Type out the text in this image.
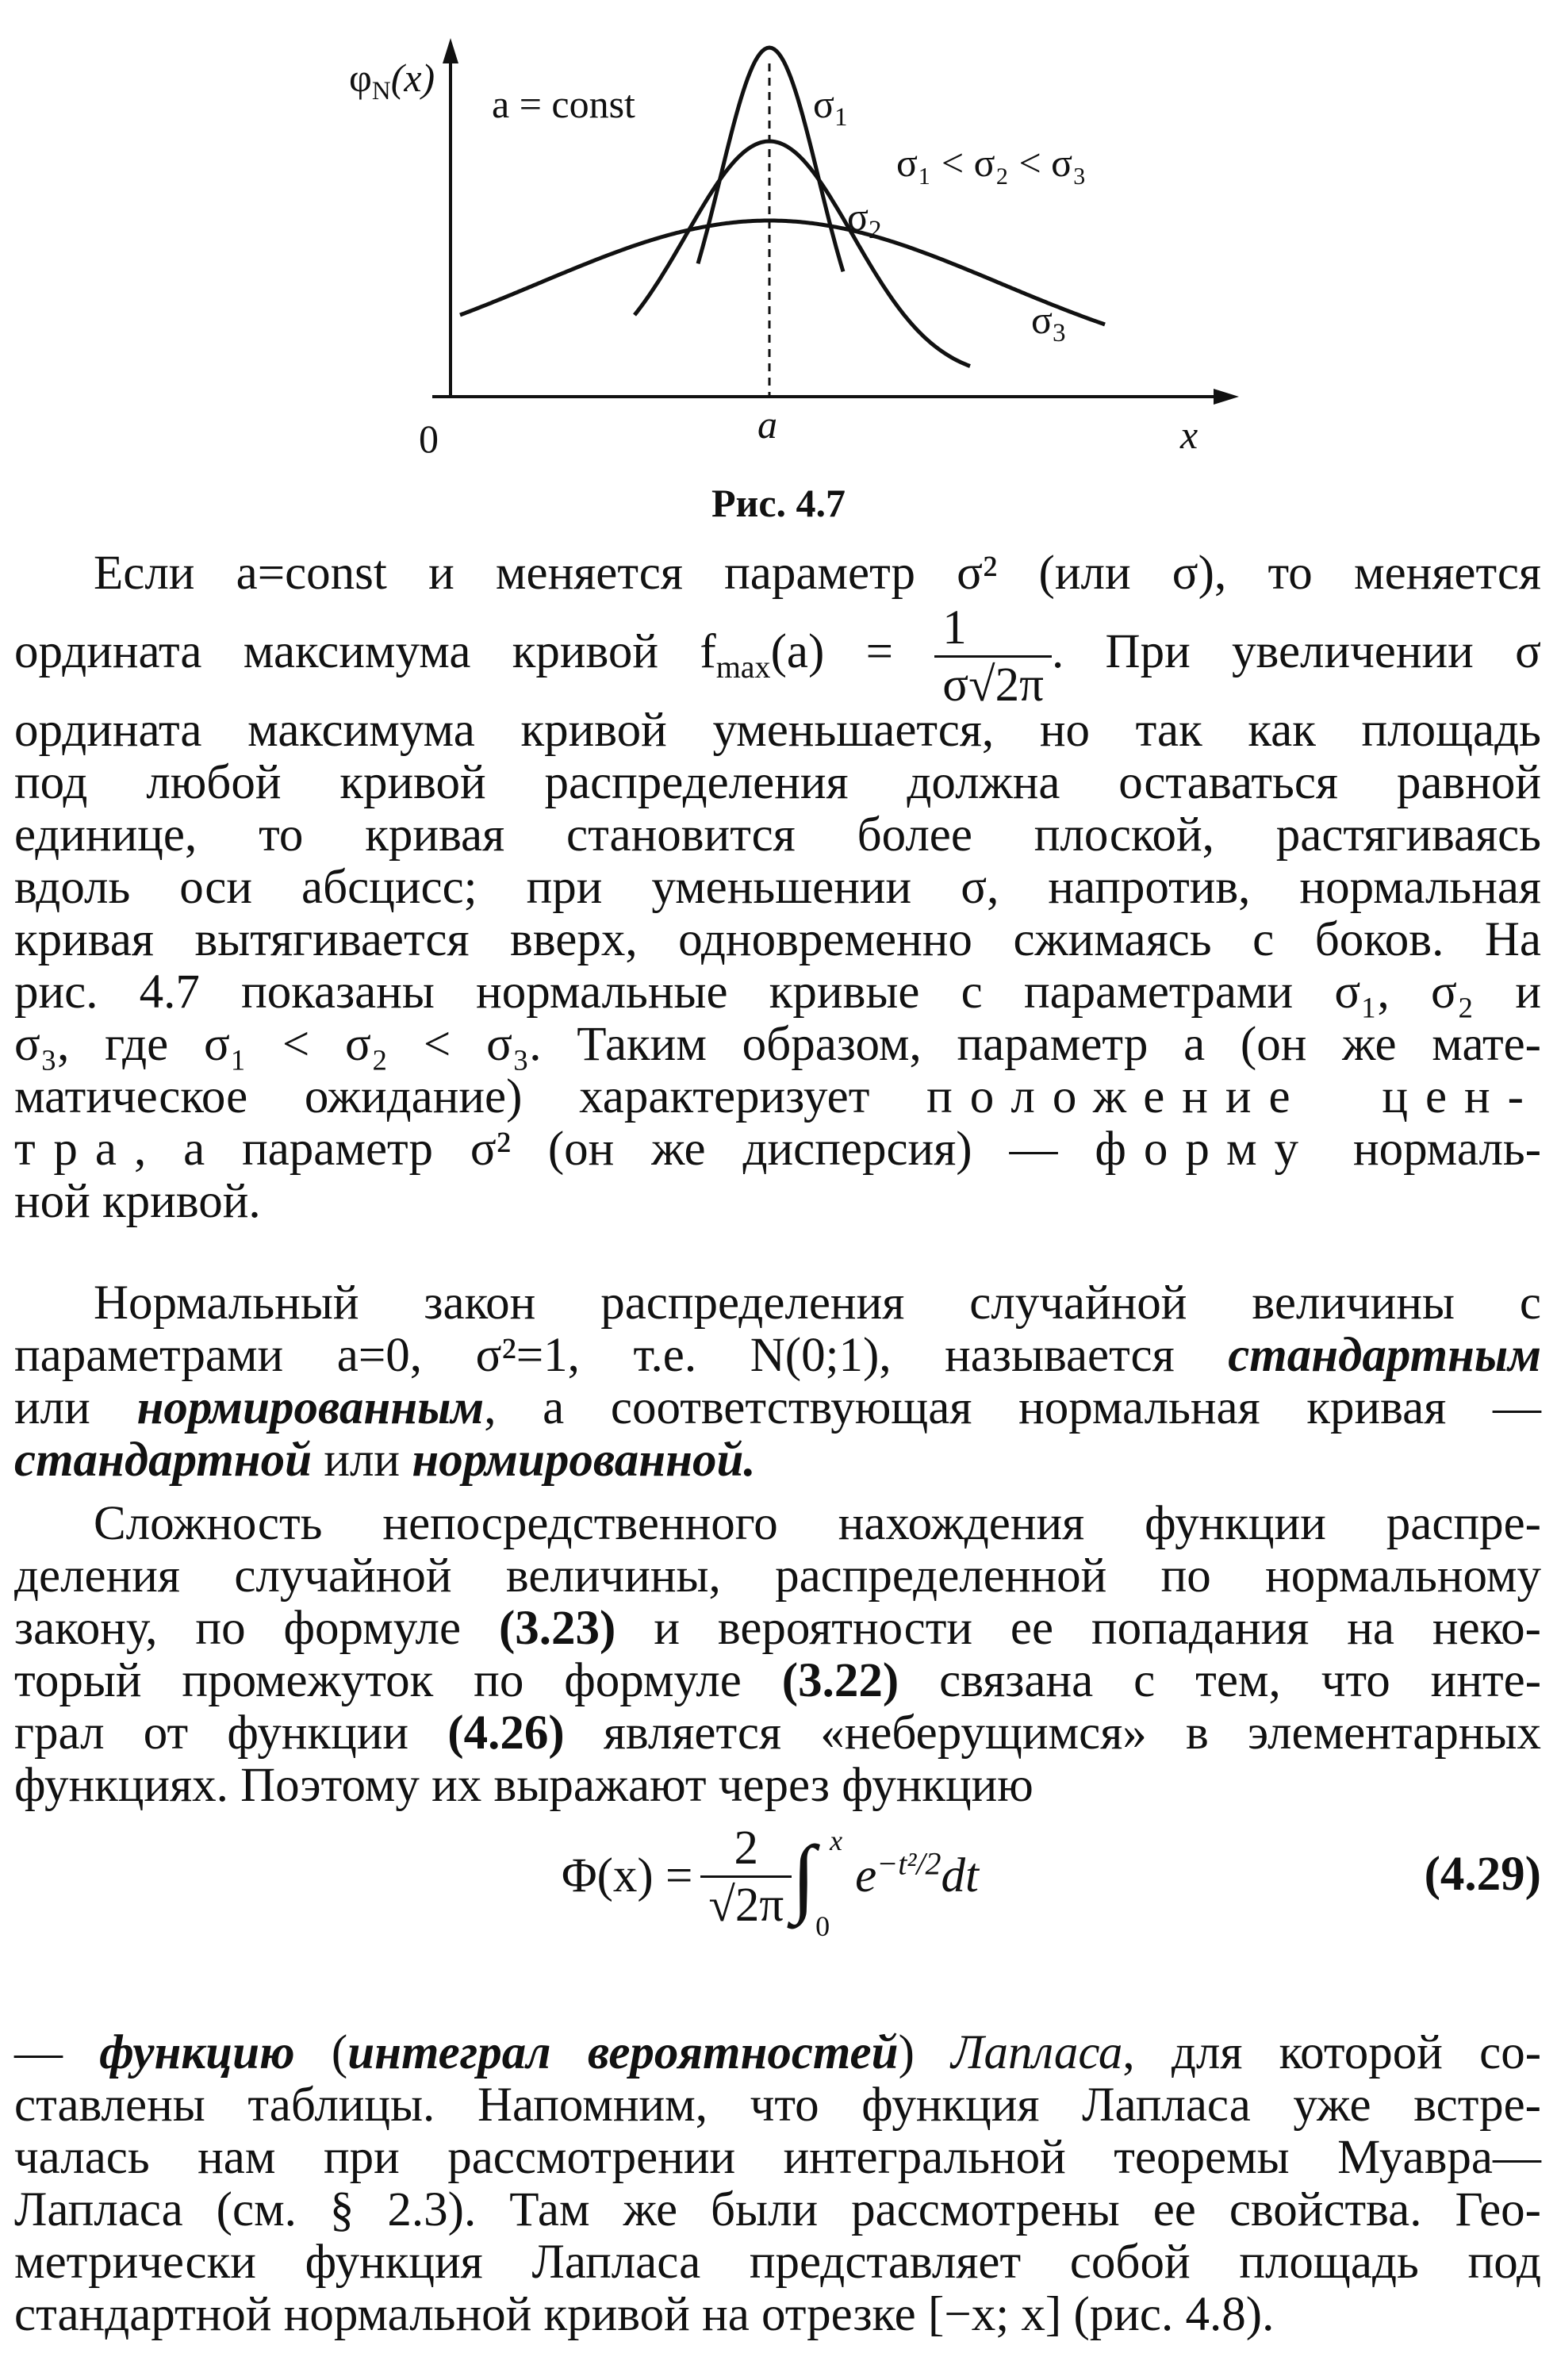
$\varphi_N(x)$
a = const	$\sigma_1$
$\sigma_2$
$\sigma_3$
σ₁ < σ₂ < σ₃
0	a	x
Рис. 4.7
Если a=const и меняется параметр σ² (или σ), то меняется
ордината максимума кривой $f_{max}(a) = \frac{1}{\sigma√2\pi}$ . При увеличении σ
ордината максимума кривой уменьшается, но так как площадь
под любой кривой распределения должна оставаться равной
единице, то кривая становится более плоской, растягиваясь
вдоль оси абсцисс; при уменьшении σ, напротив, нормальная
кривая вытягивается вверх, одновременно сжимаясь с боков. На
рис. 4.7 показаны нормальные кривые с параметрами σ₁, σ₂ и
σ₃, где σ₁ < σ₂ < σ₃. Таким образом, параметр a (он же мате-
матическое ожидание) характеризует положение цен-
тра, а параметр σ² (он же дисперсия) — форму нормаль-
ной кривой.
Нормальный закон распределения случайной величины с
параметрами a=0, σ²=1, т.е. N(0;1), называется стандартным
или нормированным, а соответствующая нормальная кривая —
стандартной или нормированной.
Сложность непосредственного нахождения функции распре-
деления случайной величины, распределенной по нормальному
закону, по формуле (3.23) и вероятности ее попадания на неко-
торый промежуток по формуле (3.22) связана с тем, что инте-
грал от функции (4.26) является «неберущимся» в элементарных
функциях. Поэтому их выражают через функцию
$\Phi(x) = \frac{2}{√2\pi}$ ∫ x
0
$e^{-t^2/2}dt$	(4.29)
— функцию (интеграл вероятностей) Лапласа, для которой со-
ставлены таблицы. Напомним, что функция Лапласа уже встре-
чалась нам при рассмотрении интегральной теоремы Муавра—
Лапласа (см. § 2.3). Там же были рассмотрены ее свойства. Гео-
метрически функция Лапласа представляет собой площадь под
стандартной нормальной кривой на отрезке [−x; x] (рис. 4.8).
